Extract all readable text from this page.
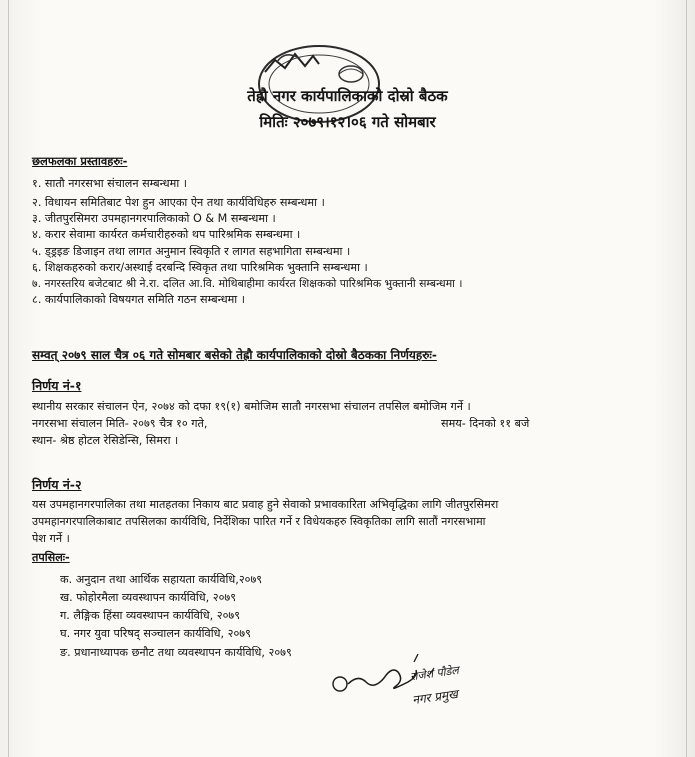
तेह्रौ नगर कार्यपालिकाको दोस्रो बैठक
मितिः २०७९।१२।०६ गते सोमबार
छलफलका प्रस्तावहरुः-
१. सातौ नगरसभा संचालन सम्बन्धमा ।
२. विधायन समितिबाट पेश हुन आएका ऐन तथा कार्यविधिहरु सम्बन्धमा ।
३. जीतपुरसिमरा उपमहानगरपालिकाको O & M सम्बन्धमा ।
४. करार सेवामा कार्यरत कर्मचारीहरुको थप पारिश्रमिक सम्बन्धमा ।
५. ड्ड्रइङ डिजाइन तथा लागत अनुमान स्विकृति र लागत सहभागिता सम्बन्धमा ।
६. शिक्षकहरुको करार/अस्थाई दरबन्दि स्विकृत तथा पारिश्रमिक भुक्तानि सम्बन्धमा ।
७. नगरस्तरिय बजेटबाट श्री ने.रा. दलित आ.वि. मोथिबाहीमा कार्यरत शिक्षकको पारिश्रमिक भुक्तानी सम्बन्धमा ।
८. कार्यपालिकाको विषयगत समिति गठन सम्बन्धमा ।
सम्वत् २०७९ साल चैत्र ०६ गते सोमबार बसेको तेह्रौ कार्यपालिकाको दोस्रो बैठकका निर्णयहरुः-
निर्णय नं-१
स्थानीय सरकार संचालन ऐन, २०७४ को दफा १९(१) बमोजिम सातौ नगरसभा संचालन तपसिल बमोजिम गर्ने ।
नगरसभा संचालन मिति- २०७९ चैत्र १० गते,	समय- दिनको ११ बजे
स्थान- श्रेष्ठ होटल रेसिडेन्सि, सिमरा ।
निर्णय नं-२
यस उपमहानगरपालिका तथा मातहतका निकाय बाट प्रवाह हुने सेवाको प्रभावकारिता अभिवृद्धिका लागि जीतपुरसिमरा
उपमहानगरपालिकाबाट तपसिलका कार्यविधि, निर्देशिका पारित गर्ने र विधेयकहरु स्विकृतिका लागि सातौं नगरसभामा
पेश गर्ने ।
तपसिलः-
क. अनुदान तथा आर्थिक सहायता कार्यविधि,२०७९
ख. फोहोरमैला व्यवस्थापन कार्यविधि, २०७९
ग. लैङ्गिक हिंसा व्यवस्थापन कार्यविधि, २०७९
घ. नगर युवा परिषद् सञ्चालन कार्यविधि, २०७९
ङ. प्रधानाध्यापक छनौट तथा व्यवस्थापन कार्यविधि, २०७९
राजेश पौडेल
नगर प्रमुख
